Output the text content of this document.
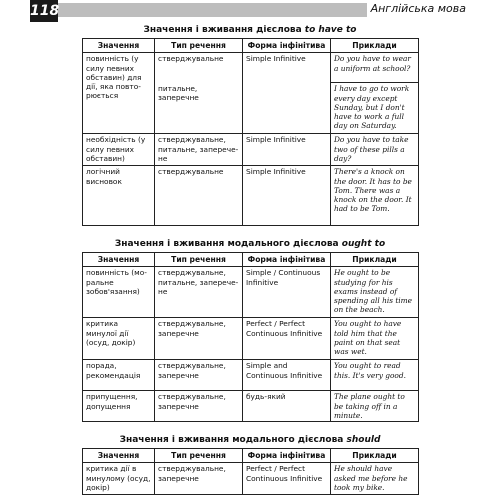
118	Англійська мова
Значення і вживання дієслова to have to
Значення	Тип речення	Форма інфінітива	Приклади
повинність (у силу певних обставин) для дії, яка повторюється	стверджувальне	Simple Infinitive	Do you have to wear a uniform at school?
	питальне, заперечне		I have to go to work every day except Sunday, but I don't have to work a full day on Saturday.
необхідність (у силу певних обставин)	стверджувальне, питальне, заперечене	Simple Infinitive	Do you have to take two of these pills a day?
логічний висновок	стверджувальне	Simple Infinitive	There's a knock on the door. It has to be Tom. There was a knock on the door. It had to be Tom.
Значення і вживання модального дієслова ought to
Значення	Тип речення	Форма інфінітива	Приклади
повинність (моральне зобов'язання)	стверджувальне, питальне, заперечене	Simple / Continuous Infinitive	He ought to be studying for his exams instead of spending all his time on the beach.
критика минулої дії (осуд, докір)	стверджувальне, заперечне	Perfect / Perfect Continuous Infinitive	You ought to have told him that the paint on that seat was wet.
порада, рекомендація	стверджувальне, заперечне	Simple and Continuous Infinitive	You ought to read this. It's very good.
припущення, допущення	стверджувальне, заперечне	будь-який	The plane ought to be taking off in a minute.
Значення і вживання модального дієслова should
Значення	Тип речення	Форма інфінітива	Приклади
критика дії в минулому (осуд, докір)	стверджувальне, заперечне	Perfect / Perfect Continuous Infinitive	He should have asked me before he took my bike.
